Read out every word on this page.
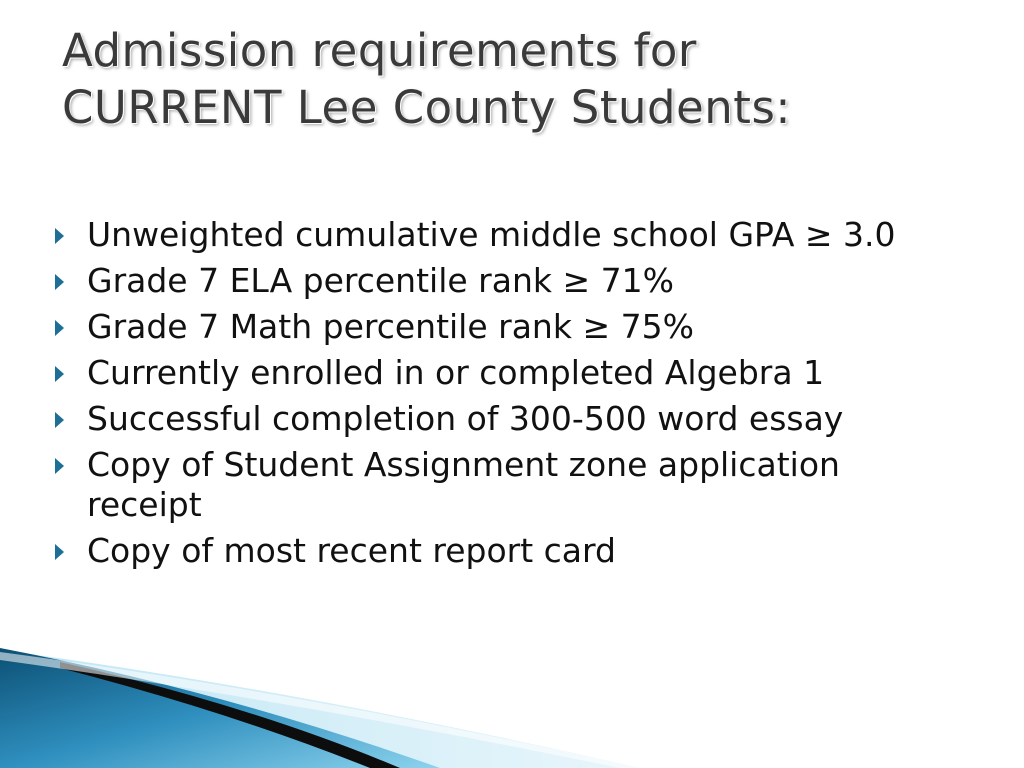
Admission requirements for
CURRENT Lee County Students:
Unweighted cumulative middle school GPA ≥ 3.0
Grade 7 ELA percentile rank ≥ 71%
Grade 7 Math percentile rank ≥ 75%
Currently enrolled in or completed Algebra 1
Successful completion of 300-500 word essay
Copy of Student Assignment zone application receipt
Copy of most recent report card
